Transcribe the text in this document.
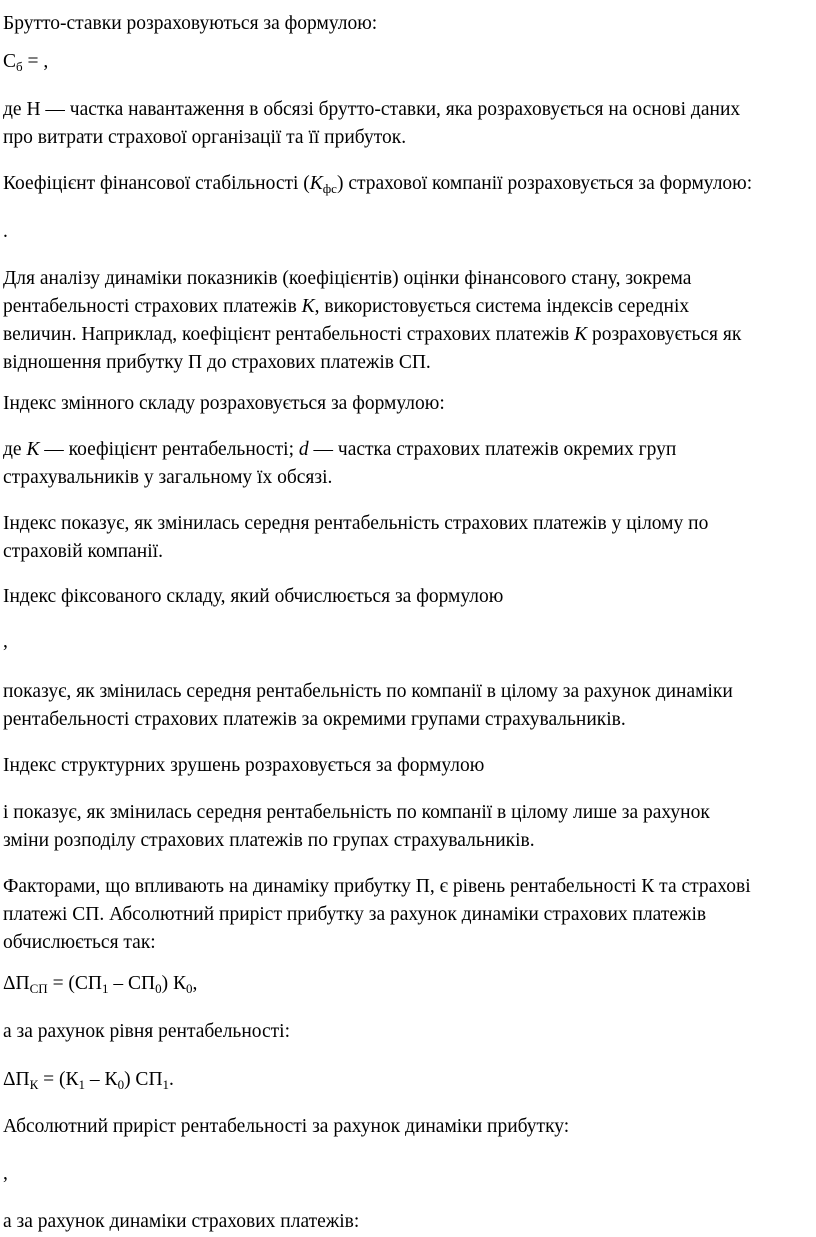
Брутто-ставки розраховуються за формулою:

$С_б$ = ,

де Н — частка навантаження в обсязі брутто-ставки, яка розраховується на основі даних
про витрати страхової організації та її прибуток.

Коефіцієнт фінансової стабільності $(К_{фс})$ страхової компанії розраховується за формулою:

.

Для аналізу динаміки показників (коефіцієнтів) оцінки фінансового стану, зокрема
рентабельності страхових платежів К, використовується система індексів середніх
величин. Наприклад, коефіцієнт рентабельності страхових платежів К розраховується як
відношення прибутку П до страхових платежів СП.

Індекс змінного складу розраховується за формулою:

де К — коефіцієнт рентабельності; d — частка страхових платежів окремих груп
страхувальників у загальному їх обсязі.

Індекс показує, як змінилась середня рентабельність страхових платежів у цілому по
страховій компанії.

Індекс фіксованого складу, який обчислюється за формулою

,

показує, як змінилась середня рентабельність по компанії в цілому за рахунок динаміки
рентабельності страхових платежів за окремими групами страхувальників.

Індекс структурних зрушень розраховується за формулою

і показує, як змінилась середня рентабельність по компанії в цілому лише за рахунок
зміни розподілу страхових платежів по групах страхувальників.

Факторами, що впливають на динаміку прибутку П, є рівень рентабельності К та страхові
платежі СП. Абсолютний приріст прибутку за рахунок динаміки страхових платежів
обчислюється так:

$\Delta П_{СП} = (СП_1 - СП_0)$ $К_0$,

а за рахунок рівня рентабельності:

$\Delta П_К = (К_1 - К_0)$ $СП_1$.

Абсолютний приріст рентабельності за рахунок динаміки прибутку:

,

а за рахунок динаміки страхових платежів:
